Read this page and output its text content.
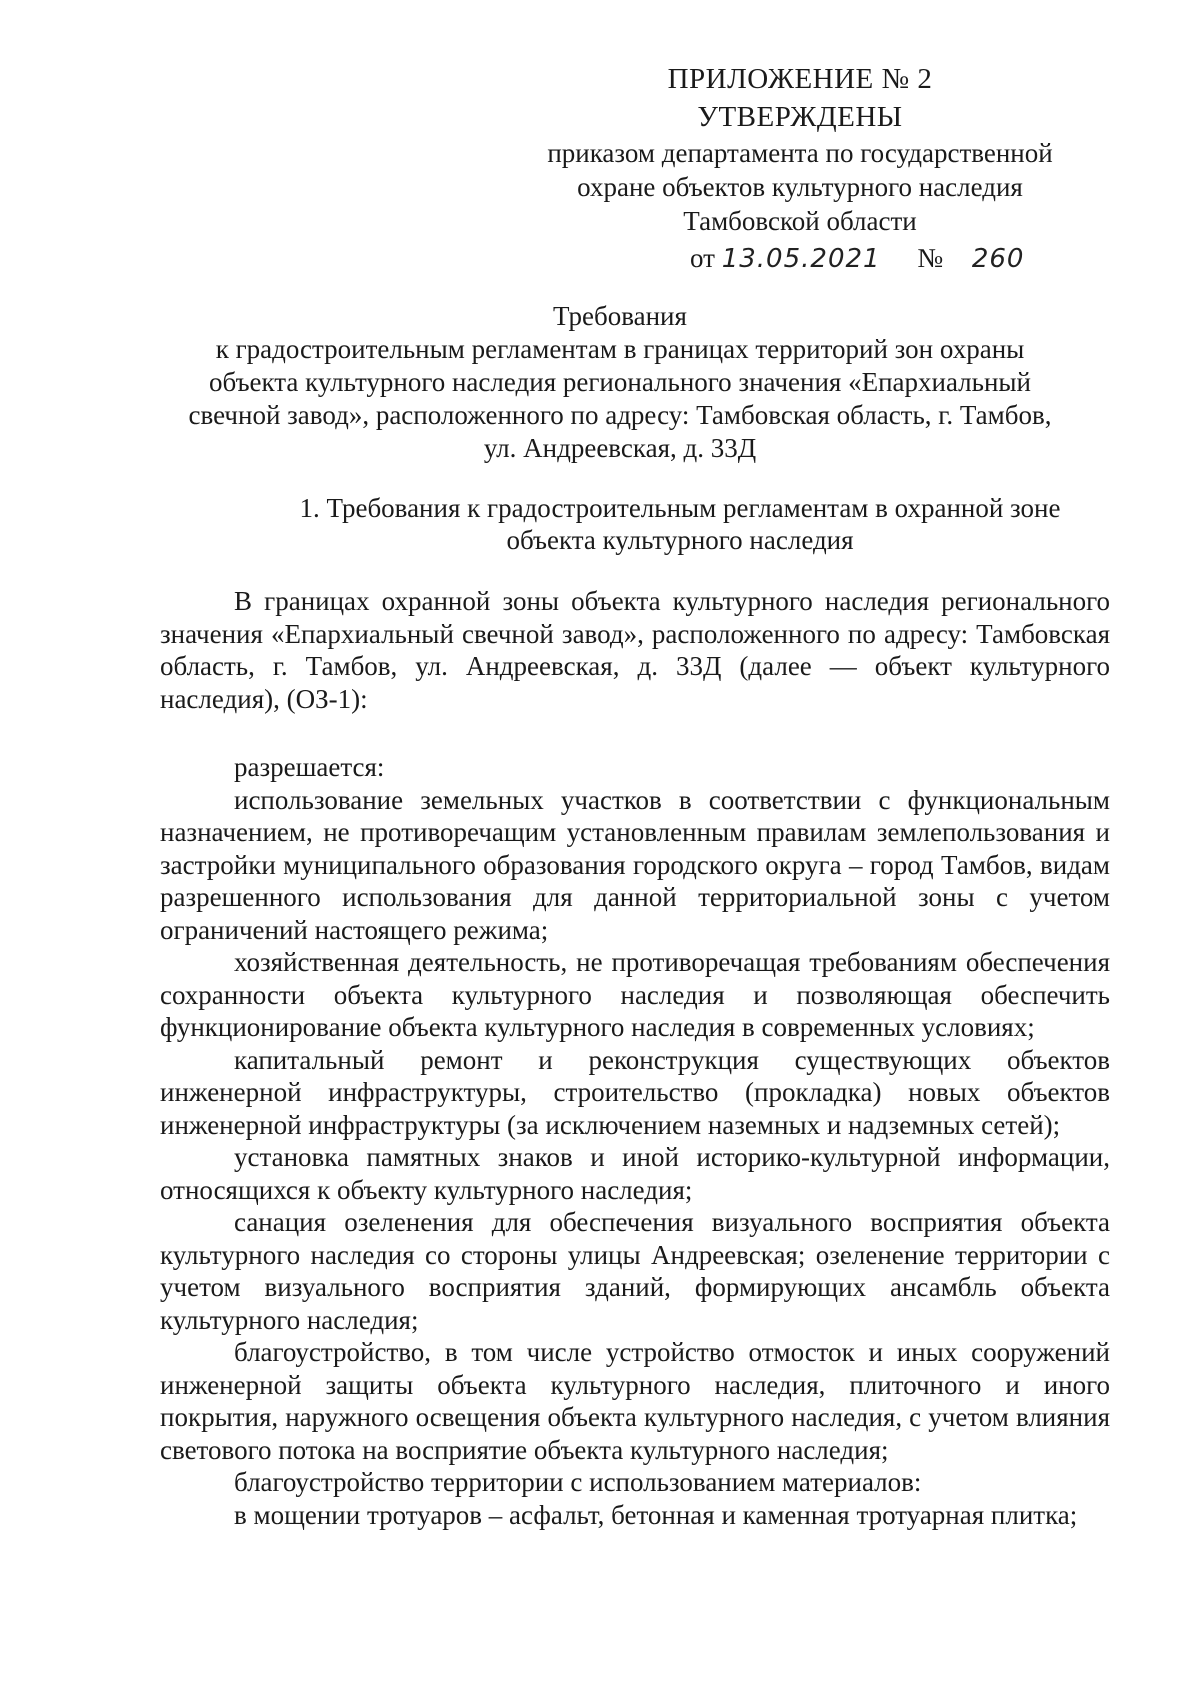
ПРИЛОЖЕНИЕ № 2
УТВЕРЖДЕНЫ
приказом департамента по государственной
охране объектов культурного наследия
Тамбовской области
от 13.05.2021 № 260
Требования
к градостроительным регламентам в границах территорий зон охраны
объекта культурного наследия регионального значения «Епархиальный
свечной завод», расположенного по адресу: Тамбовская область, г. Тамбов,
ул. Андреевская, д. 33Д
1. Требования к градостроительным регламентам в охранной зоне
объекта культурного наследия

В границах охранной зоны объекта культурного наследия регионального значения «Епархиальный свечной завод», расположенного по адресу: Тамбовская область, г. Тамбов, ул. Андреевская, д. 33Д (далее — объект культурного наследия), (ОЗ-1):

разрешается:

использование земельных участков в соответствии с функциональным назначением, не противоречащим установленным правилам землепользования и застройки муниципального образования городского округа – город Тамбов, видам разрешенного использования для данной территориальной зоны с учетом ограничений настоящего режима;

хозяйственная деятельность, не противоречащая требованиям обеспечения сохранности объекта культурного наследия и позволяющая обеспечить функционирование объекта культурного наследия в современных условиях;

капитальный ремонт и реконструкция существующих объектов инженерной инфраструктуры, строительство (прокладка) новых объектов инженерной инфраструктуры (за исключением наземных и надземных сетей);

установка памятных знаков и иной историко-культурной информации, относящихся к объекту культурного наследия;

санация озеленения для обеспечения визуального восприятия объекта культурного наследия со стороны улицы Андреевская; озеленение территории с учетом визуального восприятия зданий, формирующих ансамбль объекта культурного наследия;

благоустройство, в том числе устройство отмосток и иных сооружений инженерной защиты объекта культурного наследия, плиточного и иного покрытия, наружного освещения объекта культурного наследия, с учетом влияния светового потока на восприятие объекта культурного наследия;

благоустройство территории с использованием материалов:

в мощении тротуаров – асфальт, бетонная и каменная тротуарная плитка;
